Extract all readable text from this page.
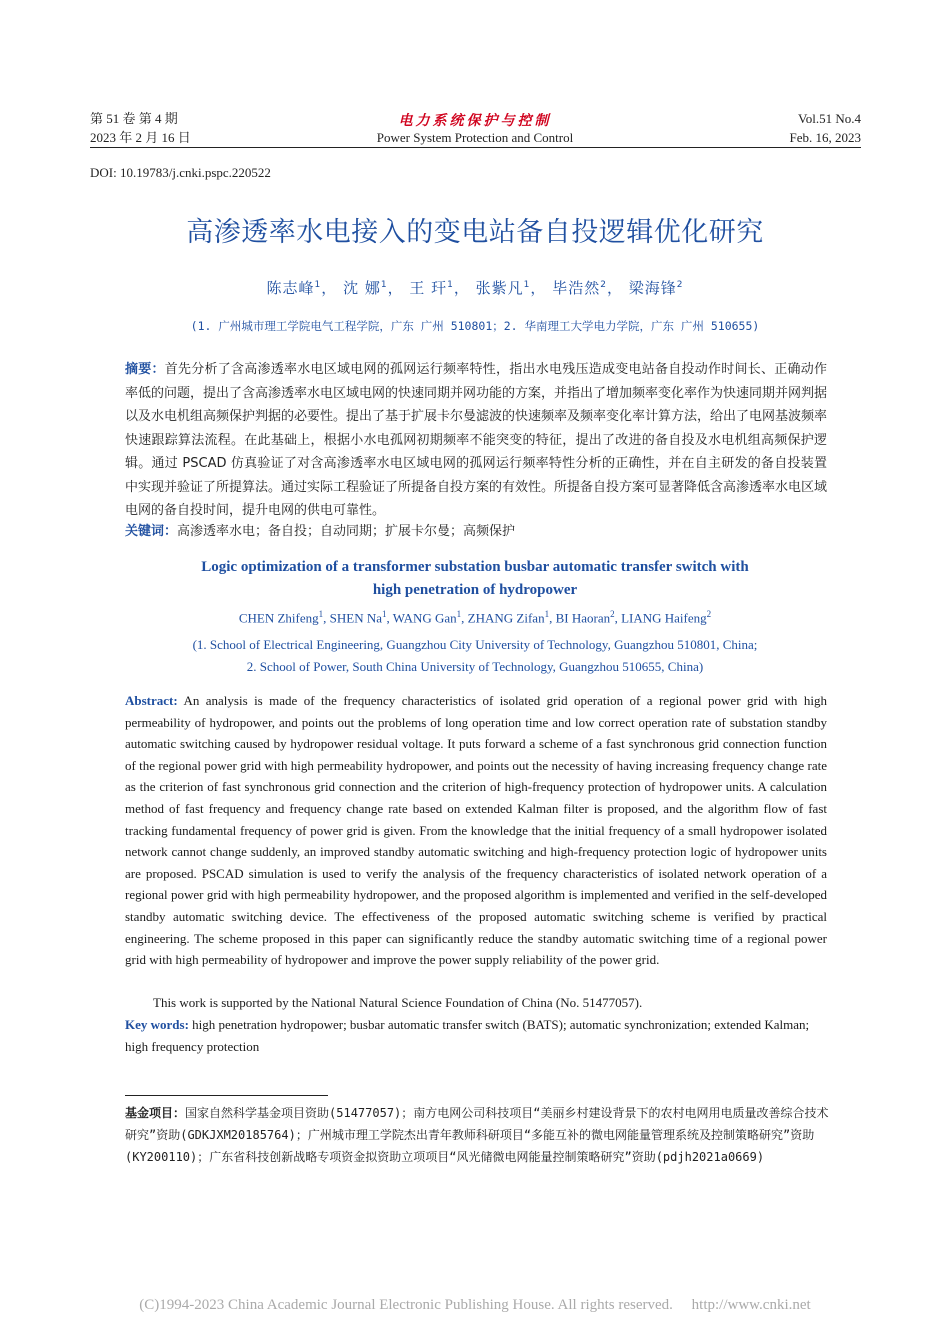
第 51 卷 第 4 期
2023 年 2 月 16 日
电力系统保护与控制
Power System Protection and Control
Vol.51 No.4
Feb. 16, 2023
DOI: 10.19783/j.cnki.pspc.220522
高渗透率水电接入的变电站备自投逻辑优化研究
陈志峰$^1$， 沈 娜$^1$， 王 玕$^1$， 张紫凡$^1$， 毕浩然$^2$， 梁海锋$^2$
(1. 广州城市理工学院电气工程学院，广东 广州 510801；2. 华南理工大学电力学院，广东 广州 510655)
摘要：首先分析了含高渗透率水电区域电网的孤网运行频率特性，指出水电残压造成变电站备自投动作时间长、正确动作率低的问题，提出了含高渗透率水电区域电网的快速同期并网功能的方案，并指出了增加频率变化率作为快速同期并网判据以及水电机组高频保护判据的必要性。提出了基于扩展卡尔曼滤波的快速频率及频率变化率计算方法，给出了电网基波频率快速跟踪算法流程。在此基础上，根据小水电孤网初期频率不能突变的特征，提出了改进的备自投及水电机组高频保护逻辑。通过 PSCAD 仿真验证了对含高渗透率水电区域电网的孤网运行频率特性分析的正确性，并在自主研发的备自投装置中实现并验证了所提算法。通过实际工程验证了所提备自投方案的有效性。所提备自投方案可显著降低含高渗透率水电区域电网的备自投时间，提升电网的供电可靠性。
关键词：高渗透率水电；备自投；自动同期；扩展卡尔曼；高频保护
Logic optimization of a transformer substation busbar automatic transfer switch with
high penetration of hydropower
CHEN Zhifeng$^1$, SHEN Na$^1$, WANG Gan$^1$, ZHANG Zifan$^1$, BI Haoran$^2$, LIANG Haifeng$^2$
(1. School of Electrical Engineering, Guangzhou City University of Technology, Guangzhou 510801, China;
2. School of Power, South China University of Technology, Guangzhou 510655, China)
Abstract: An analysis is made of the frequency characteristics of isolated grid operation of a regional power grid with high permeability of hydropower, and points out the problems of long operation time and low correct operation rate of substation standby automatic switching caused by hydropower residual voltage. It puts forward a scheme of a fast synchronous grid connection function of the regional power grid with high permeability hydropower, and points out the necessity of having increasing frequency change rate as the criterion of fast synchronous grid connection and the criterion of high-frequency protection of hydropower units. A calculation method of fast frequency and frequency change rate based on extended Kalman filter is proposed, and the algorithm flow of fast tracking fundamental frequency of power grid is given. From the knowledge that the initial frequency of a small hydropower isolated network cannot change suddenly, an improved standby automatic switching and high-frequency protection logic of hydropower units are proposed. PSCAD simulation is used to verify the analysis of the frequency characteristics of isolated network operation of a regional power grid with high permeability hydropower, and the proposed algorithm is implemented and verified in the self-developed standby automatic switching device. The effectiveness of the proposed automatic switching scheme is verified by practical engineering. The scheme proposed in this paper can significantly reduce the standby automatic switching time of a regional power grid with high permeability of hydropower and improve the power supply reliability of the power grid.
This work is supported by the National Natural Science Foundation of China (No. 51477057).
Key words: high penetration hydropower; busbar automatic transfer switch (BATS); automatic synchronization; extended Kalman; high frequency protection
基金项目：国家自然科学基金项目资助(51477057)；南方电网公司科技项目“美丽乡村建设背景下的农村电网用电质量改善综合技术研究”资助(GDKJXM20185764)；广州城市理工学院杰出青年教师科研项目“多能互补的微电网能量管理系统及控制策略研究”资助(KY200110)；广东省科技创新战略专项资金拟资助立项项目“风光储微电网能量控制策略研究”资助(pdjh2021a0669)
(C)1994-2023 China Academic Journal Electronic Publishing House. All rights reserved.     http://www.cnki.net
